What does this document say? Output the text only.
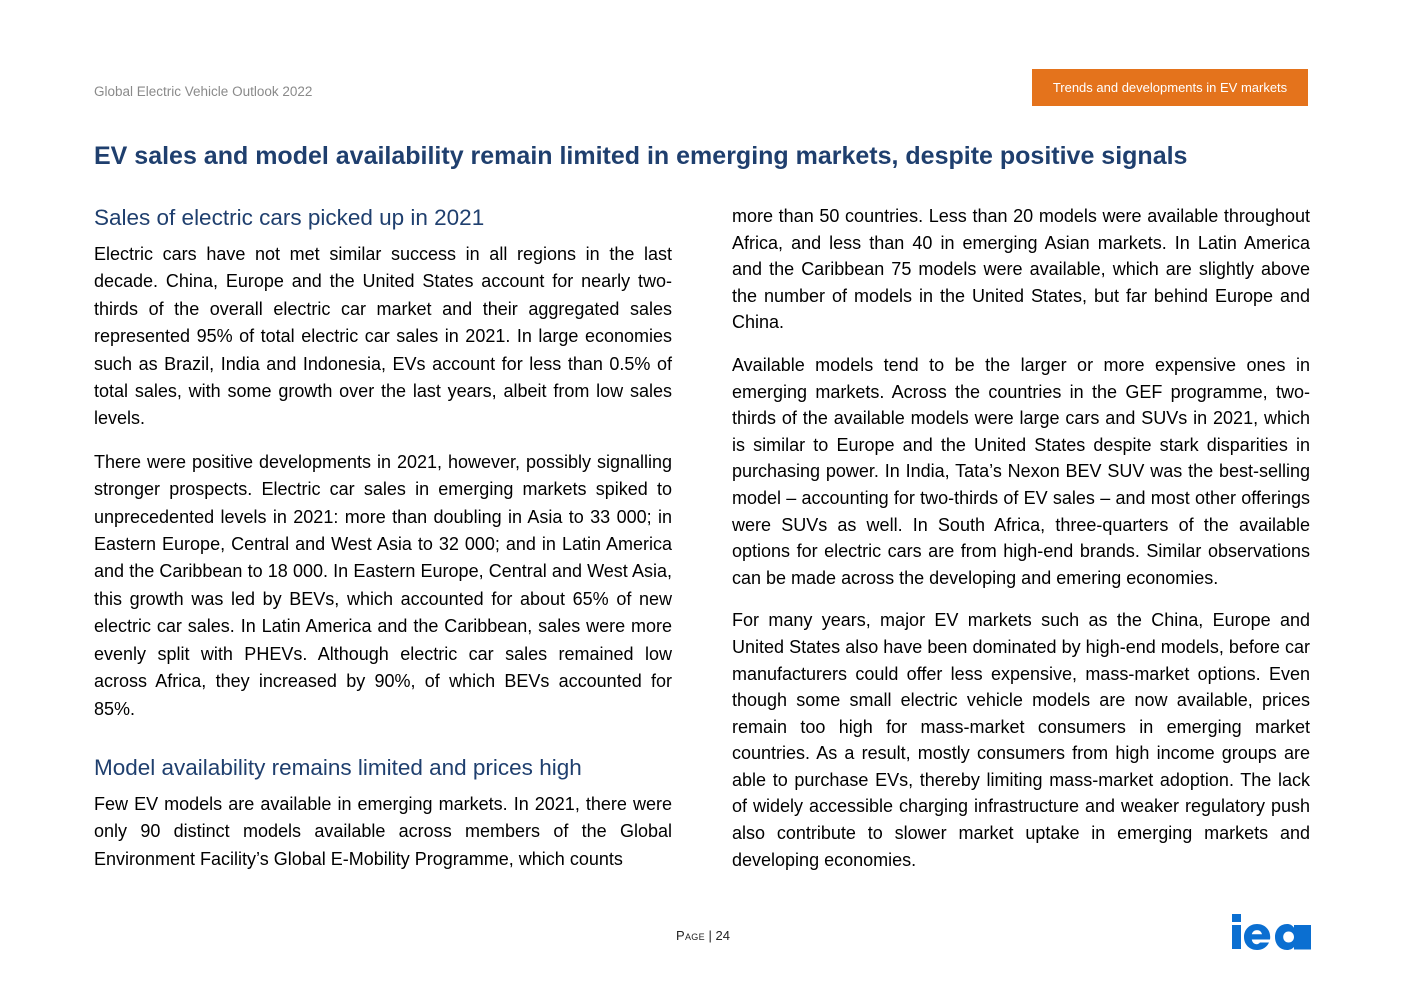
Global Electric Vehicle Outlook 2022	Trends and developments in EV markets
EV sales and model availability remain limited in emerging markets, despite positive signals
Sales of electric cars picked up in 2021

Electric cars have not met similar success in all regions in the last decade. China, Europe and the United States account for nearly two-thirds of the overall electric car market and their aggregated sales represented 95% of total electric car sales in 2021. In large economies such as Brazil, India and Indonesia, EVs account for less than 0.5% of total sales, with some growth over the last years, albeit from low sales levels.

There were positive developments in 2021, however, possibly signalling stronger prospects. Electric car sales in emerging markets spiked to unprecedented levels in 2021: more than doubling in Asia to 33 000; in Eastern Europe, Central and West Asia to 32 000; and in Latin America and the Caribbean to 18 000. In Eastern Europe, Central and West Asia, this growth was led by BEVs, which accounted for about 65% of new electric car sales. In Latin America and the Caribbean, sales were more evenly split with PHEVs. Although electric car sales remained low across Africa, they increased by 90%, of which BEVs accounted for 85%.

Model availability remains limited and prices high

Few EV models are available in emerging markets. In 2021, there were only 90 distinct models available across members of the Global Environment Facility’s Global E-Mobility Programme, which counts

more than 50 countries. Less than 20 models were available throughout Africa, and less than 40 in emerging Asian markets. In Latin America and the Caribbean 75 models were available, which are slightly above the number of models in the United States, but far behind Europe and China.

Available models tend to be the larger or more expensive ones in emerging markets. Across the countries in the GEF programme, two-thirds of the available models were large cars and SUVs in 2021, which is similar to Europe and the United States despite stark disparities in purchasing power. In India, Tata’s Nexon BEV SUV was the best-selling model – accounting for two-thirds of EV sales – and most other offerings were SUVs as well. In South Africa, three-quarters of the available options for electric cars are from high-end brands. Similar observations can be made across the developing and emering economies.

For many years, major EV markets such as the China, Europe and United States also have been dominated by high-end models, before car manufacturers could offer less expensive, mass-market options. Even though some small electric vehicle models are now available, prices remain too high for mass-market consumers in emerging market countries. As a result, mostly consumers from high income groups are able to purchase EVs, thereby limiting mass-market adoption. The lack of widely accessible charging infrastructure and weaker regulatory push also contribute to slower market uptake in emerging markets and developing economies.

Page | 24
